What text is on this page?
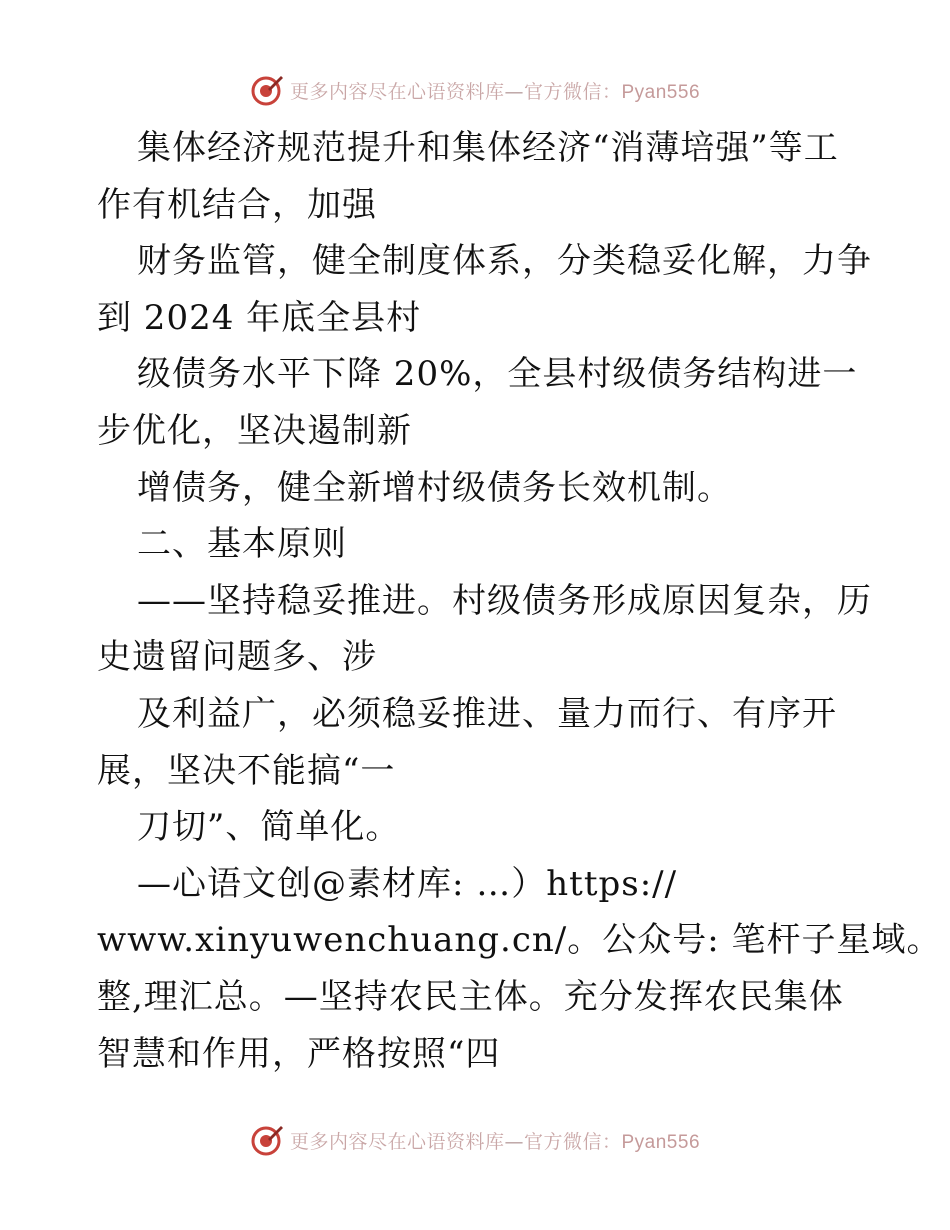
更多内容尽在心语资料库—官方微信：Pyan556
集体经济规范提升和集体经济“消薄培强”等工
作有机结合，加强
财务监管，健全制度体系，分类稳妥化解，力争
到 2024 年底全县村
级债务水平下降 20%，全县村级债务结构进一
步优化，坚决遏制新
增债务，健全新增村级债务长效机制。
二、基本原则
——坚持稳妥推进。村级债务形成原因复杂，历
史遗留问题多、涉
及利益广，必须稳妥推进、量力而行、有序开
展，坚决不能搞“一
刀切”、简单化。
—心语文创@素材库: …）https://
www.xinyuwenchuang.cn/。公众号: 笔杆子星域。
整,理汇总。—坚持农民主体。充分发挥农民集体
智慧和作用，严格按照“四
更多内容尽在心语资料库—官方微信：Pyan556
